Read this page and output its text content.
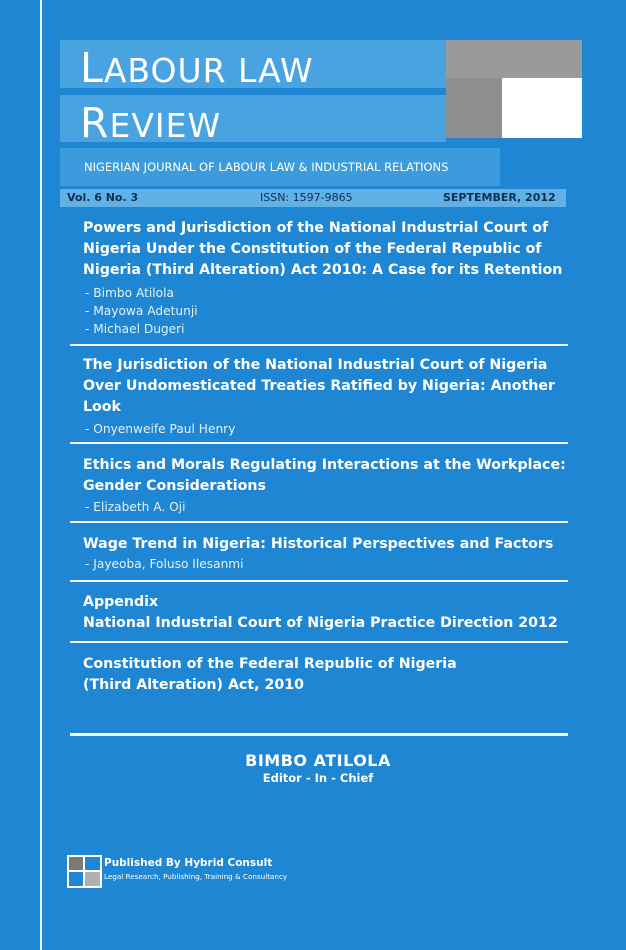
LABOUR LAW
REVIEW
NIGERIAN JOURNAL OF LABOUR LAW & INDUSTRIAL RELATIONS
Vol. 6 No. 3	ISSN: 1597-9865	SEPTEMBER, 2012
Powers and Jurisdiction of the National Industrial Court of Nigeria Under the Constitution of the Federal Republic of Nigeria (Third Alteration) Act 2010: A Case for its Retention
- Bimbo Atilola
- Mayowa Adetunji
- Michael Dugeri
The Jurisdiction of the National Industrial Court of Nigeria Over Undomesticated Treaties Ratified by Nigeria: Another Look
- Onyenweife Paul Henry
Ethics and Morals Regulating Interactions at the Workplace: Gender Considerations
- Elizabeth A. Oji
Wage Trend in Nigeria: Historical Perspectives and Factors
- Jayeoba, Foluso Ilesanmi
Appendix
National Industrial Court of Nigeria Practice Direction 2012
Constitution of the Federal Republic of Nigeria
(Third Alteration) Act, 2010
BIMBO ATILOLA
Editor - In - Chief
Published By Hybrid Consult
Legal Research, Publishing, Training & Consultancy
